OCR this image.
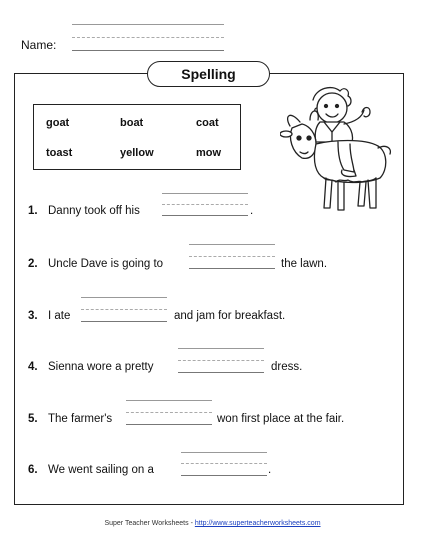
Name:
Spelling
goat	boat	coat
toast	yellow	mow
1. Danny took off his	.
2. Uncle Dave is going to	the lawn.
3. I ate	and jam for breakfast.
4. Sienna wore a pretty	dress.
5. The farmer's	won first place at the fair.
6. We went sailing on a	.
Super Teacher Worksheets - http://www.superteacherworksheets.com
